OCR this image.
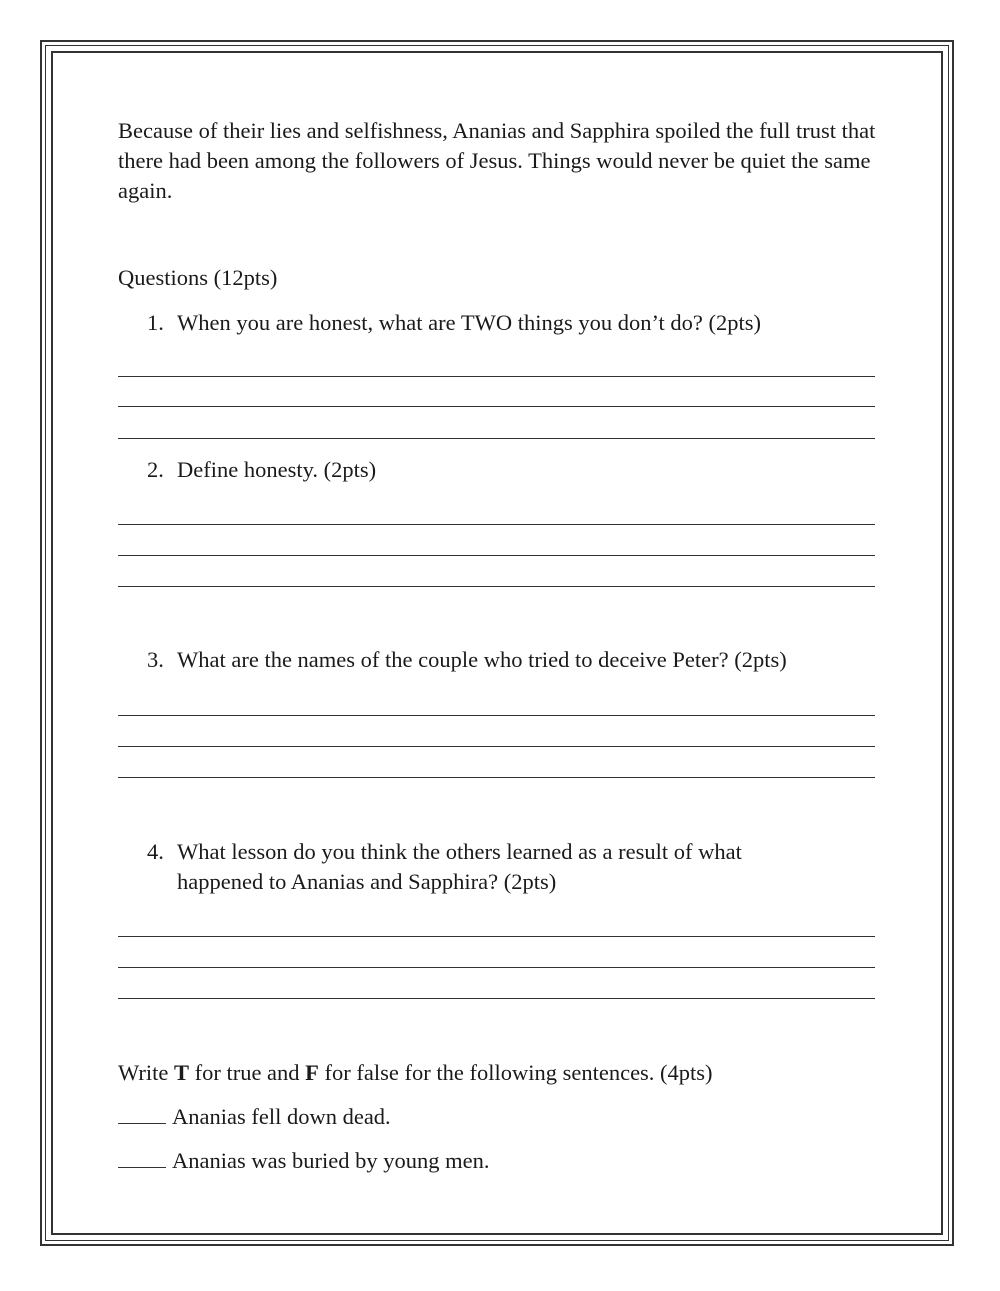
Because of their lies and selfishness, Ananias and Sapphira spoiled the full trust that there had been among the followers of Jesus. Things would never be quiet the same again.

Questions (12pts)

1. When you are honest, what are TWO things you don’t do? (2pts)
2. Define honesty. (2pts)
3. What are the names of the couple who tried to deceive Peter? (2pts)
4. What lesson do you think the others learned as a result of what
happened to Ananias and Sapphira? (2pts)
Write T for true and F for false for the following sentences. (4pts)
Ananias fell down dead.
Ananias was buried by young men.
